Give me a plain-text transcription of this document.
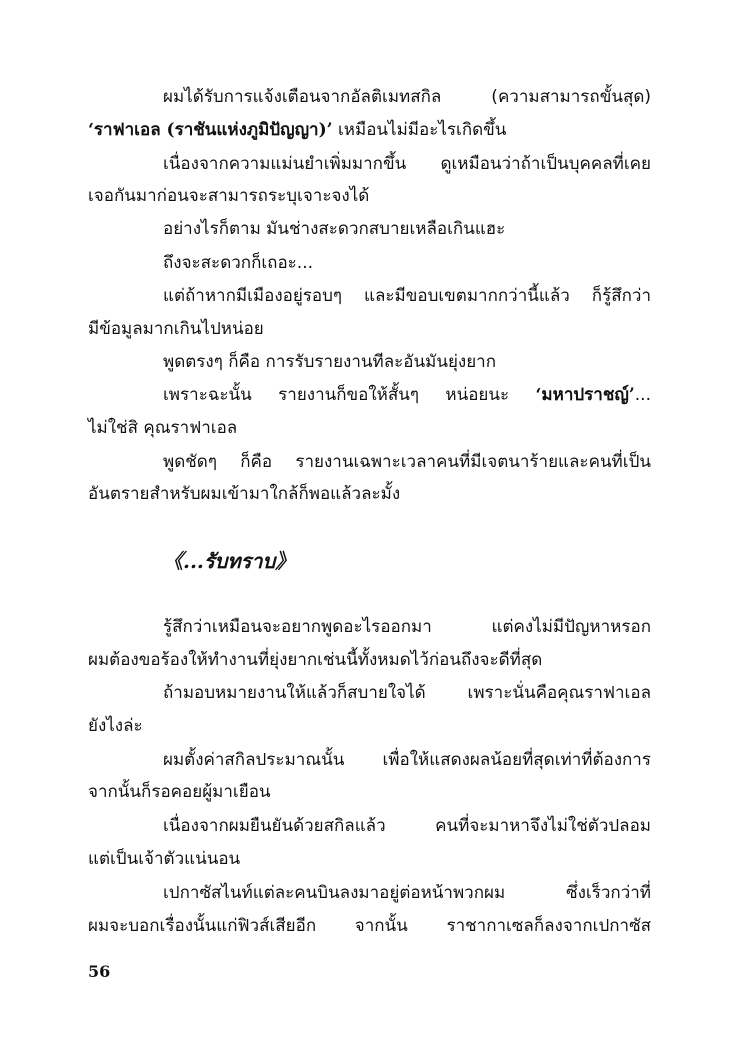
ผมได้รับการแจ้งเตือนจากอัลติเมทสกิล (ความสามารถขั้นสุด)
‘ราฟาเอล (ราชันแห่งภูมิปัญญา)’ เหมือนไม่มีอะไรเกิดขึ้น
เนื่องจากความแม่นยำเพิ่มมากขึ้น ดูเหมือนว่าถ้าเป็นบุคคลที่เคย
เจอกันมาก่อนจะสามารถระบุเจาะจงได้
อย่างไรก็ตาม มันช่างสะดวกสบายเหลือเกินแฮะ
ถึงจะสะดวกก็เถอะ...
แต่ถ้าหากมีเมืองอยู่รอบๆ และมีขอบเขตมากกว่านี้แล้ว ก็รู้สึกว่า
มีข้อมูลมากเกินไปหน่อย
พูดตรงๆ ก็คือ การรับรายงานทีละอันมันยุ่งยาก
เพราะฉะนั้น รายงานก็ขอให้สั้นๆ หน่อยนะ ‘มหาปราชญ์’...
ไม่ใช่สิ คุณราฟาเอล
พูดชัดๆ ก็คือ รายงานเฉพาะเวลาคนที่มีเจตนาร้ายและคนที่เป็น
อันตรายสำหรับผมเข้ามาใกล้ก็พอแล้วละมั้ง
《...รับทราบ》
รู้สึกว่าเหมือนจะอยากพูดอะไรออกมา แต่คงไม่มีปัญหาหรอก
ผมต้องขอร้องให้ทำงานที่ยุ่งยากเช่นนี้ทั้งหมดไว้ก่อนถึงจะดีที่สุด
ถ้ามอบหมายงานให้แล้วก็สบายใจได้ เพราะนั่นคือคุณราฟาเอล
ยังไงล่ะ
ผมตั้งค่าสกิลประมาณนั้น เพื่อให้แสดงผลน้อยที่สุดเท่าที่ต้องการ
จากนั้นก็รอคอยผู้มาเยือน
เนื่องจากผมยืนยันด้วยสกิลแล้ว คนที่จะมาหาจึงไม่ใช่ตัวปลอม
แต่เป็นเจ้าตัวแน่นอน
เปกาซัสไนท์แต่ละคนบินลงมาอยู่ต่อหน้าพวกผม ซึ่งเร็วกว่าที่
ผมจะบอกเรื่องนั้นแก่ฟิวส์เสียอีก จากนั้น ราชากาเซลก็ลงจากเปกาซัส
56
